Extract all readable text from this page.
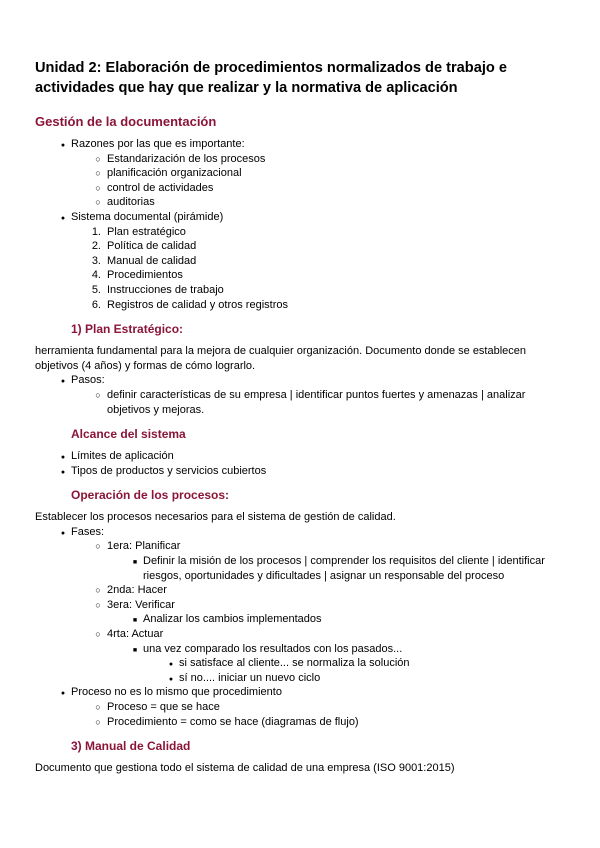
Unidad 2: Elaboración de procedimientos normalizados de trabajo e actividades que hay que realizar y la normativa de aplicación
Gestión de la documentación
●
Razones por las que es importante:
○
Estandarización de los procesos
○
planificación organizacional
○
control de actividades
○
auditorias
●
Sistema documental (pirámide)
1. Plan estratégico
2. Política de calidad
3. Manual de calidad
4. Procedimientos
5. Instrucciones de trabajo
6. Registros de calidad y otros registros
1) Plan Estratégico:

herramienta fundamental para la mejora de cualquier organización. Documento donde se establecen objetivos (4 años) y formas de cómo lograrlo.

●
Pasos:
○
definir características de su empresa | identificar puntos fuertes y amenazas | analizar objetivos y mejoras.
Alcance del sistema
●
Límites de aplicación
●
Tipos de productos y servicios cubiertos
Operación de los procesos:

Establecer los procesos necesarios para el sistema de gestión de calidad.

●
Fases:
○
1era: Planificar
■
Definir la misión de los procesos | comprender los requisitos del cliente | identificar riesgos, oportunidades y dificultades | asignar un responsable del proceso
○
2nda: Hacer
○
3era: Verificar
■
Analizar los cambios implementados
○
4rta: Actuar
■
una vez comparado los resultados con los pasados...
●
si satisface al cliente... se normaliza la solución
●
sí no.... iniciar un nuevo ciclo
●
Proceso no es lo mismo que procedimiento
○
Proceso = que se hace
○
Procedimiento = como se hace (diagramas de flujo)
3) Manual de Calidad

Documento que gestiona todo el sistema de calidad de una empresa (ISO 9001:2015)
